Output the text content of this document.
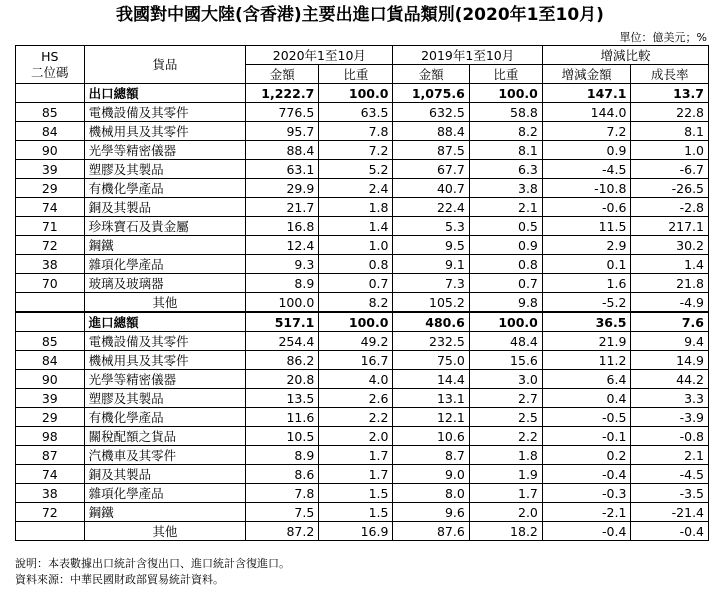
我國對中國大陸(含香港)主要出進口貨品類別(2020年1至10月)
單位：億美元；%
HS
二位碼	貨品	2020年1至10月		2019年1至10月		增減比較	
		金額	比重	金額	比重	增減金額	成長率
	出口總額	1,222.7	100.0	1,075.6	100.0	147.1	13.7
85	電機設備及其零件	776.5	63.5	632.5	58.8	144.0	22.8
84	機械用具及其零件	95.7	7.8	88.4	8.2	7.2	8.1
90	光學等精密儀器	88.4	7.2	87.5	8.1	0.9	1.0
39	塑膠及其製品	63.1	5.2	67.7	6.3	-4.5	-6.7
29	有機化學產品	29.9	2.4	40.7	3.8	-10.8	-26.5
74	銅及其製品	21.7	1.8	22.4	2.1	-0.6	-2.8
71	珍珠寶石及貴金屬	16.8	1.4	5.3	0.5	11.5	217.1
72	鋼鐵	12.4	1.0	9.5	0.9	2.9	30.2
38	雜項化學產品	9.3	0.8	9.1	0.8	0.1	1.4
70	玻璃及玻璃器	8.9	0.7	7.3	0.7	1.6	21.8
	其他	100.0	8.2	105.2	9.8	-5.2	-4.9
	進口總額	517.1	100.0	480.6	100.0	36.5	7.6
85	電機設備及其零件	254.4	49.2	232.5	48.4	21.9	9.4
84	機械用具及其零件	86.2	16.7	75.0	15.6	11.2	14.9
90	光學等精密儀器	20.8	4.0	14.4	3.0	6.4	44.2
39	塑膠及其製品	13.5	2.6	13.1	2.7	0.4	3.3
29	有機化學產品	11.6	2.2	12.1	2.5	-0.5	-3.9
98	關稅配額之貨品	10.5	2.0	10.6	2.2	-0.1	-0.8
87	汽機車及其零件	8.9	1.7	8.7	1.8	0.2	2.1
74	銅及其製品	8.6	1.7	9.0	1.9	-0.4	-4.5
38	雜項化學產品	7.8	1.5	8.0	1.7	-0.3	-3.5
72	鋼鐵	7.5	1.5	9.6	2.0	-2.1	-21.4
	其他	87.2	16.9	87.6	18.2	-0.4	-0.4
說明：本表數據出口統計含復出口、進口統計含復進口。
資料來源：中華民國財政部貿易統計資料。
